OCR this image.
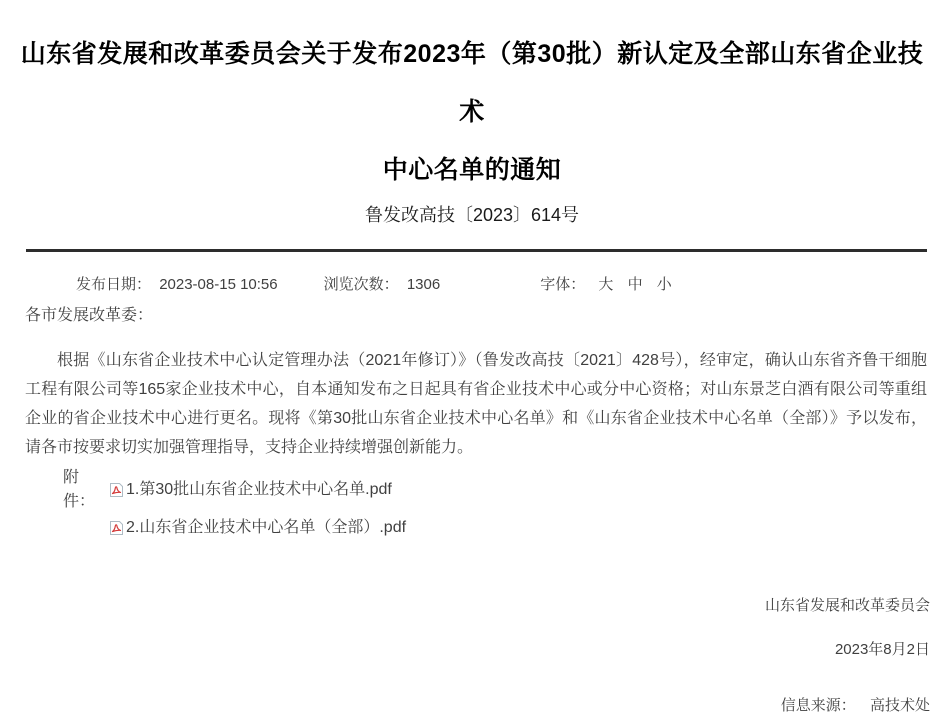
山东省发展和改革委员会关于发布2023年（第30批）新认定及全部山东省企业技术
中心名单的通知
鲁发改高技〔2023〕614号
发布日期： 2023-08-15 10:56	浏览次数： 1306	字体： 大 中 小
各市发展改革委：
根据《山东省企业技术中心认定管理办法（2021年修订）》（鲁发改高技〔2021〕428号），经审定，确认山东省齐鲁干细胞工程有限公司等165家企业技术中心，自本通知发布之日起具有省企业技术中心或分中心资格；对山东景芝白酒有限公司等重组企业的省企业技术中心进行更名。现将《第30批山东省企业技术中心名单》和《山东省企业技术中心名单（全部）》予以发布，请各市按要求切实加强管理指导，支持企业持续增强创新能力。
附件：
1.第30批山东省企业技术中心名单.pdf
2.山东省企业技术中心名单（全部）.pdf
山东省发展和改革委员会
2023年8月2日
信息来源： 高技术处
